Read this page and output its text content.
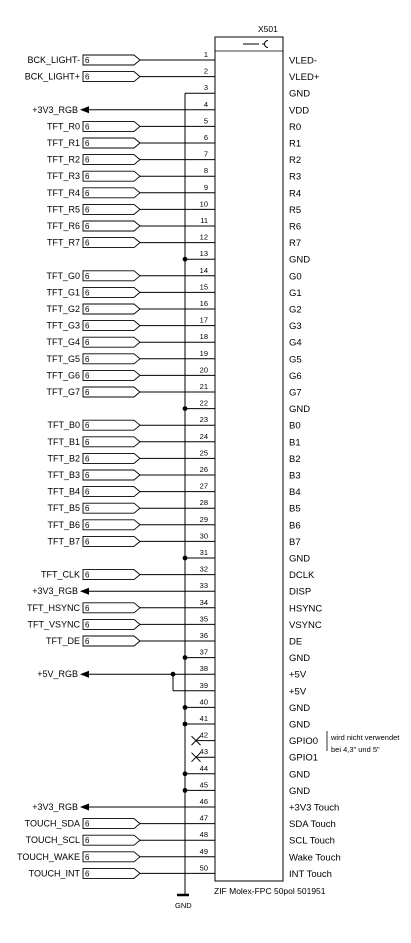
X501
ZIF Molex-FPC 50pol 501951
1
VLED-
6
BCK_LIGHT-
2
VLED+
6
BCK_LIGHT+
3
GND
4
VDD
+3V3_RGB
5
R0
6
TFT_R0
6
R1
6
TFT_R1
7
R2
6
TFT_R2
8
R3
6
TFT_R3
9
R4
6
TFT_R4
10
R5
6
TFT_R5
11
R6
6
TFT_R6
12
R7
6
TFT_R7
13
GND
14
G0
6
TFT_G0
15
G1
6
TFT_G1
16
G2
6
TFT_G2
17
G3
6
TFT_G3
18
G4
6
TFT_G4
19
G5
6
TFT_G5
20
G6
6
TFT_G6
21
G7
6
TFT_G7
22
GND
23
B0
6
TFT_B0
24
B1
6
TFT_B1
25
B2
6
TFT_B2
26
B3
6
TFT_B3
27
B4
6
TFT_B4
28
B5
6
TFT_B5
29
B6
6
TFT_B6
30
B7
6
TFT_B7
31
GND
32
DCLK
6
TFT_CLK
33
DISP
+3V3_RGB
34
HSYNC
6
TFT_HSYNC
35
VSYNC
6
TFT_VSYNC
36
DE
6
TFT_DE
37
GND
38
+5V
+5V_RGB
39
+5V
40
GND
41
GND
42
GPIO0
43
GPIO1
44
GND
45
GND
46
+3V3 Touch
+3V3_RGB
47
SDA Touch
6
TOUCH_SDA
48
SCL Touch
6
TOUCH_SCL
49
Wake Touch
6
TOUCH_WAKE
50
INT Touch
6
TOUCH_INT
wird nicht verwendet
bei 4,3" und 5"
GND
